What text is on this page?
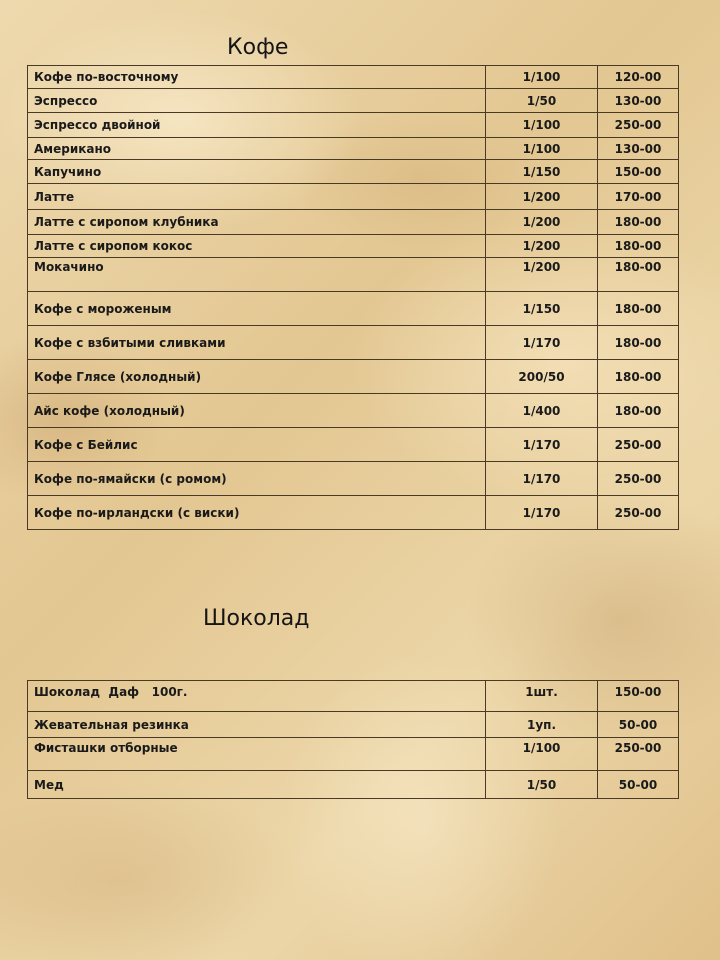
Кофе
Кофе по-восточному	1/100	120-00
Эспрессо	1/50	130-00
Эспрессо двойной	1/100	250-00
Американо	1/100	130-00
Капучино	1/150	150-00
Латте	1/200	170-00
Латте с сиропом клубника	1/200	180-00
Латте с сиропом кокос	1/200	180-00
Мокачино	1/200	180-00
Кофе с мороженым	1/150	180-00
Кофе с взбитыми сливками	1/170	180-00
Кофе Глясе (холодный)	200/50	180-00
Айс кофе (холодный)	1/400	180-00
Кофе с Бейлис	1/170	250-00
Кофе по-ямайски (с ромом)	1/170	250-00
Кофе по-ирландски (с виски)	1/170	250-00
Шоколад
Шоколад  Даф   100г.	1шт.	150-00
Жевательная резинка	1уп.	50-00
Фисташки отборные	1/100	250-00
Мед	1/50	50-00
